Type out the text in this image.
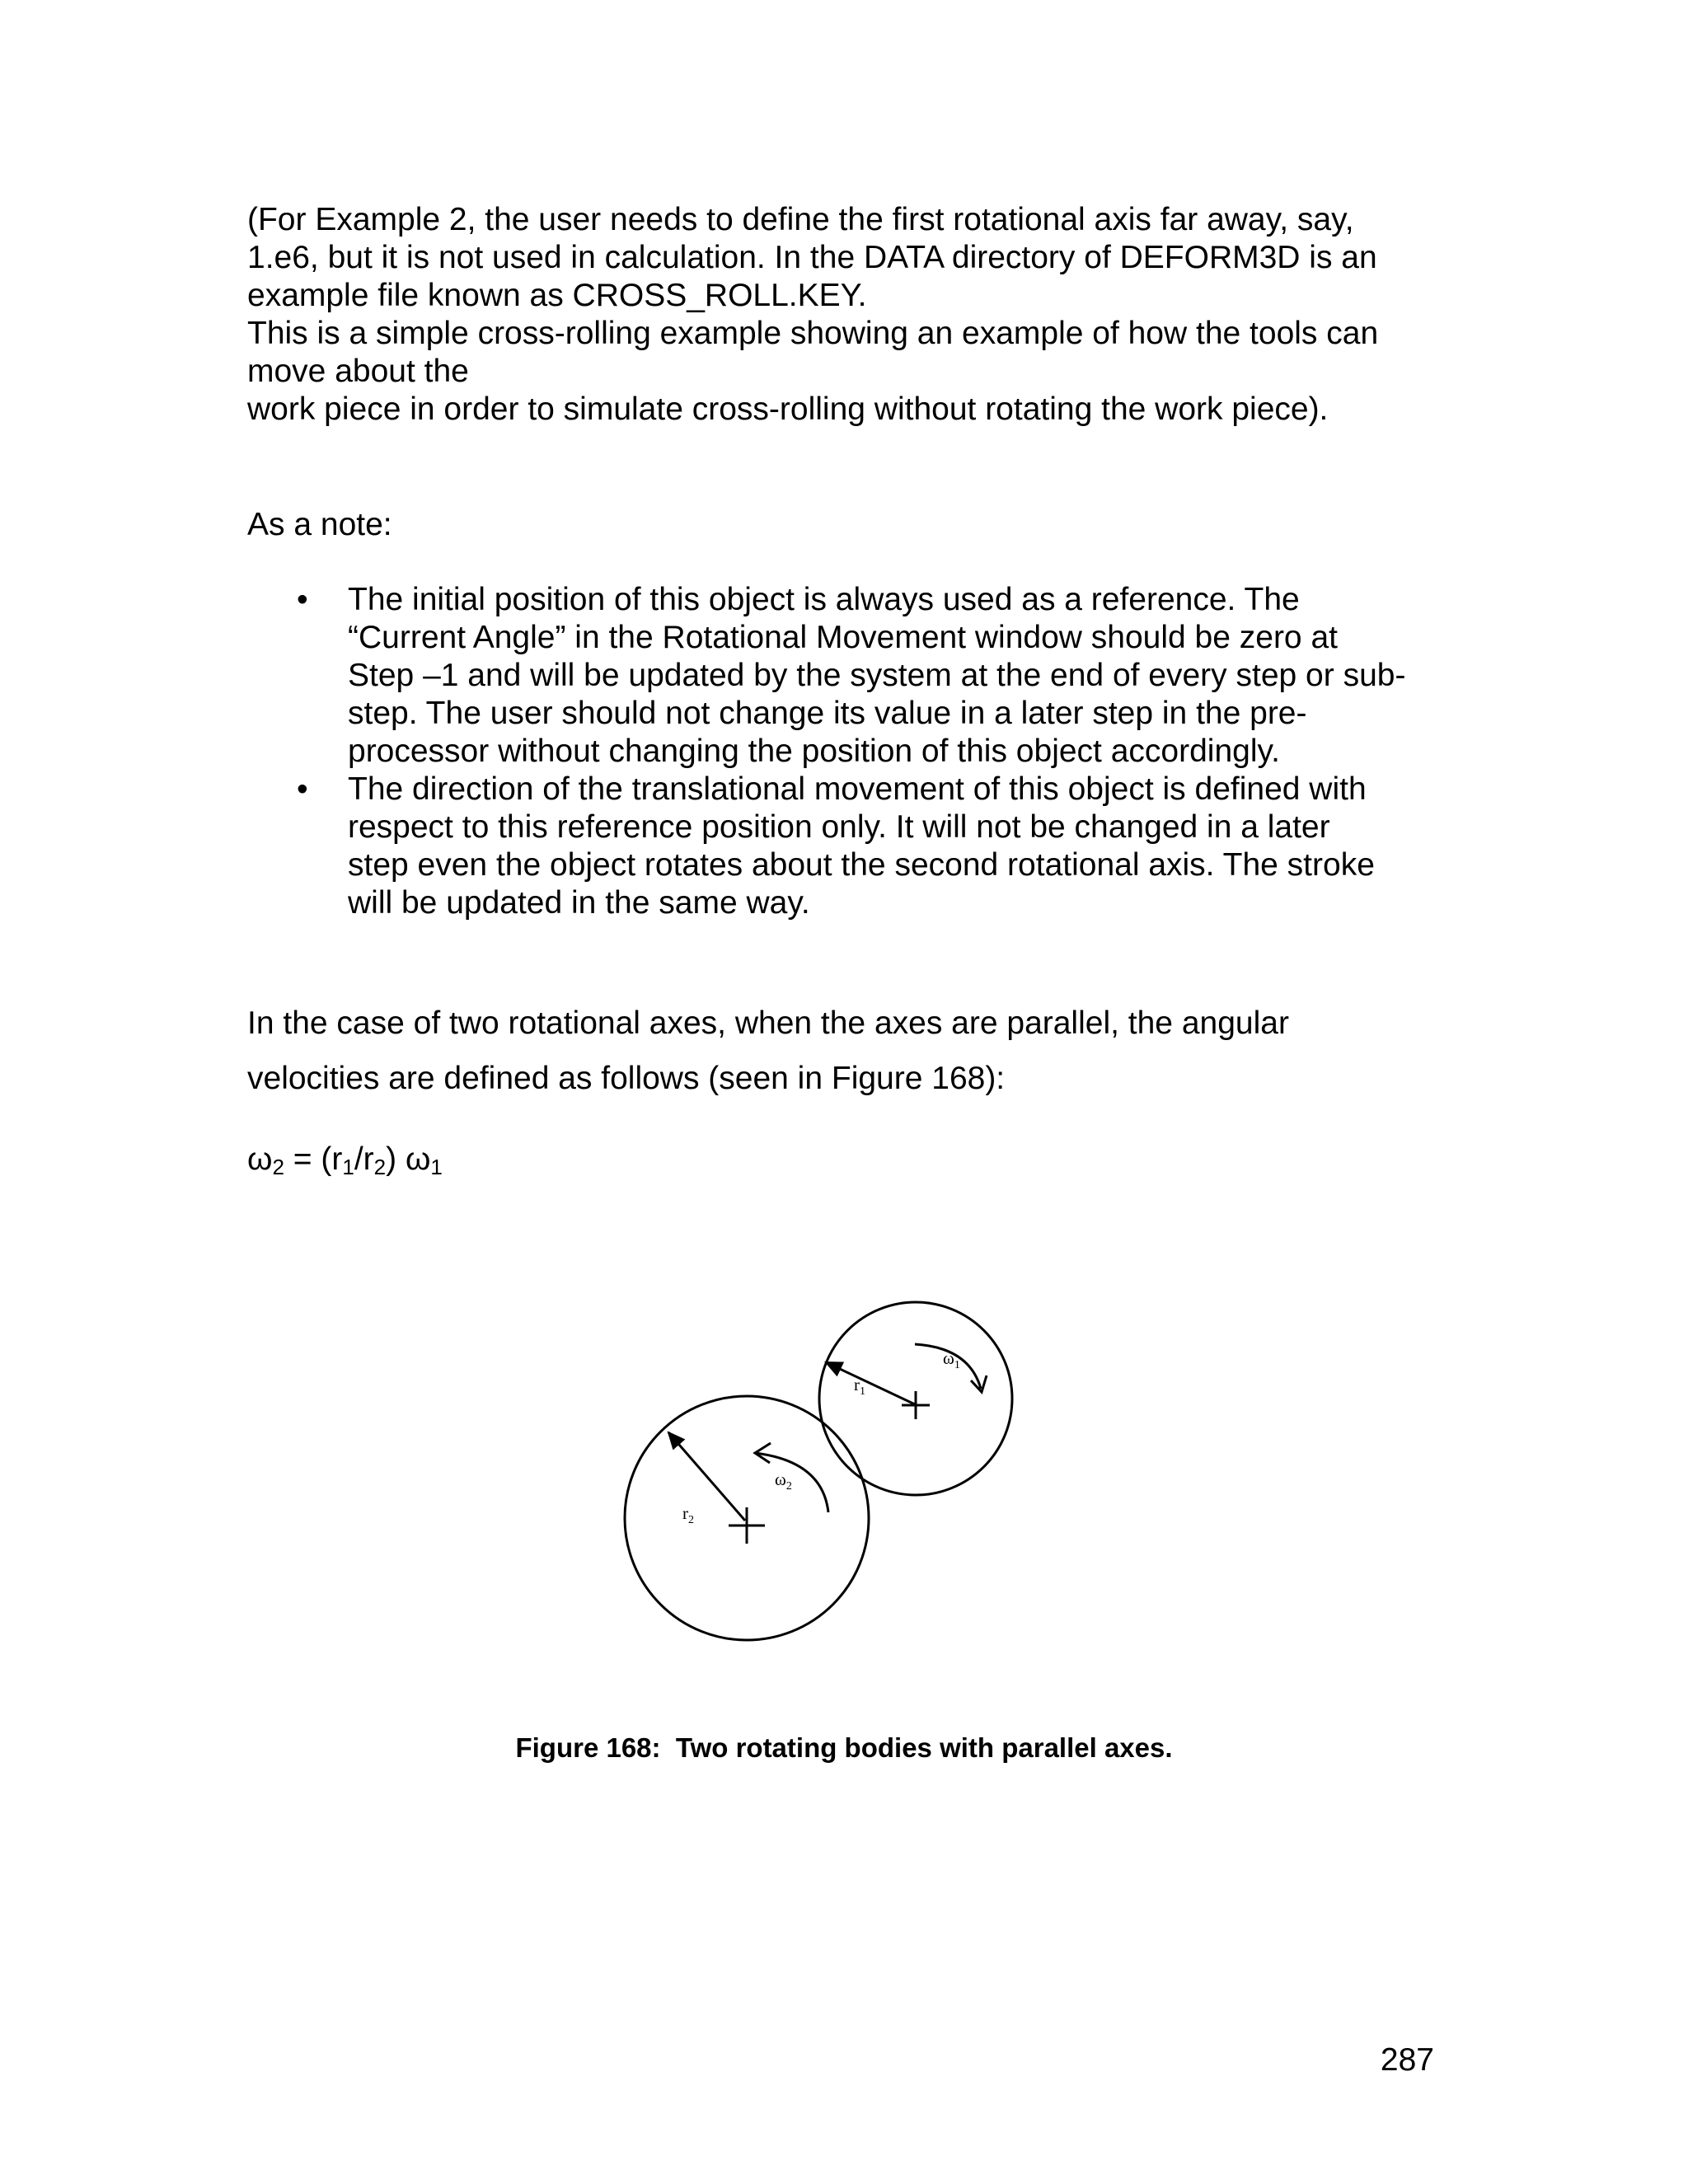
(For Example 2, the user needs to define the first rotational axis far away, say,
1.e6, but it is not used in calculation. In the DATA directory of DEFORM3D is an
example file known as CROSS_ROLL.KEY.
This is a simple cross-rolling example showing an example of how the tools can
move about the
work piece in order to simulate cross-rolling without rotating the work piece).

As a note:

• The initial position of this object is always used as a reference. The
“Current Angle” in the Rotational Movement window should be zero at
Step –1 and will be updated by the system at the end of every step or sub-
step. The user should not change its value in a later step in the pre-
processor without changing the position of this object accordingly.
• The direction of the translational movement of this object is defined with
respect to this reference position only. It will not be changed in a later
step even the object rotates about the second rotational axis. The stroke
will be updated in the same way.

In the case of two rotational axes, when the axes are parallel, the angular
velocities are defined as follows (seen in Figure 168):

$\omega_2 = (r_1/r_2)$ $\omega_1$
$r_1$
$\omega_1$
$r_2$
$\omega_2$
Figure 168:  Two rotating bodies with parallel axes.
287
